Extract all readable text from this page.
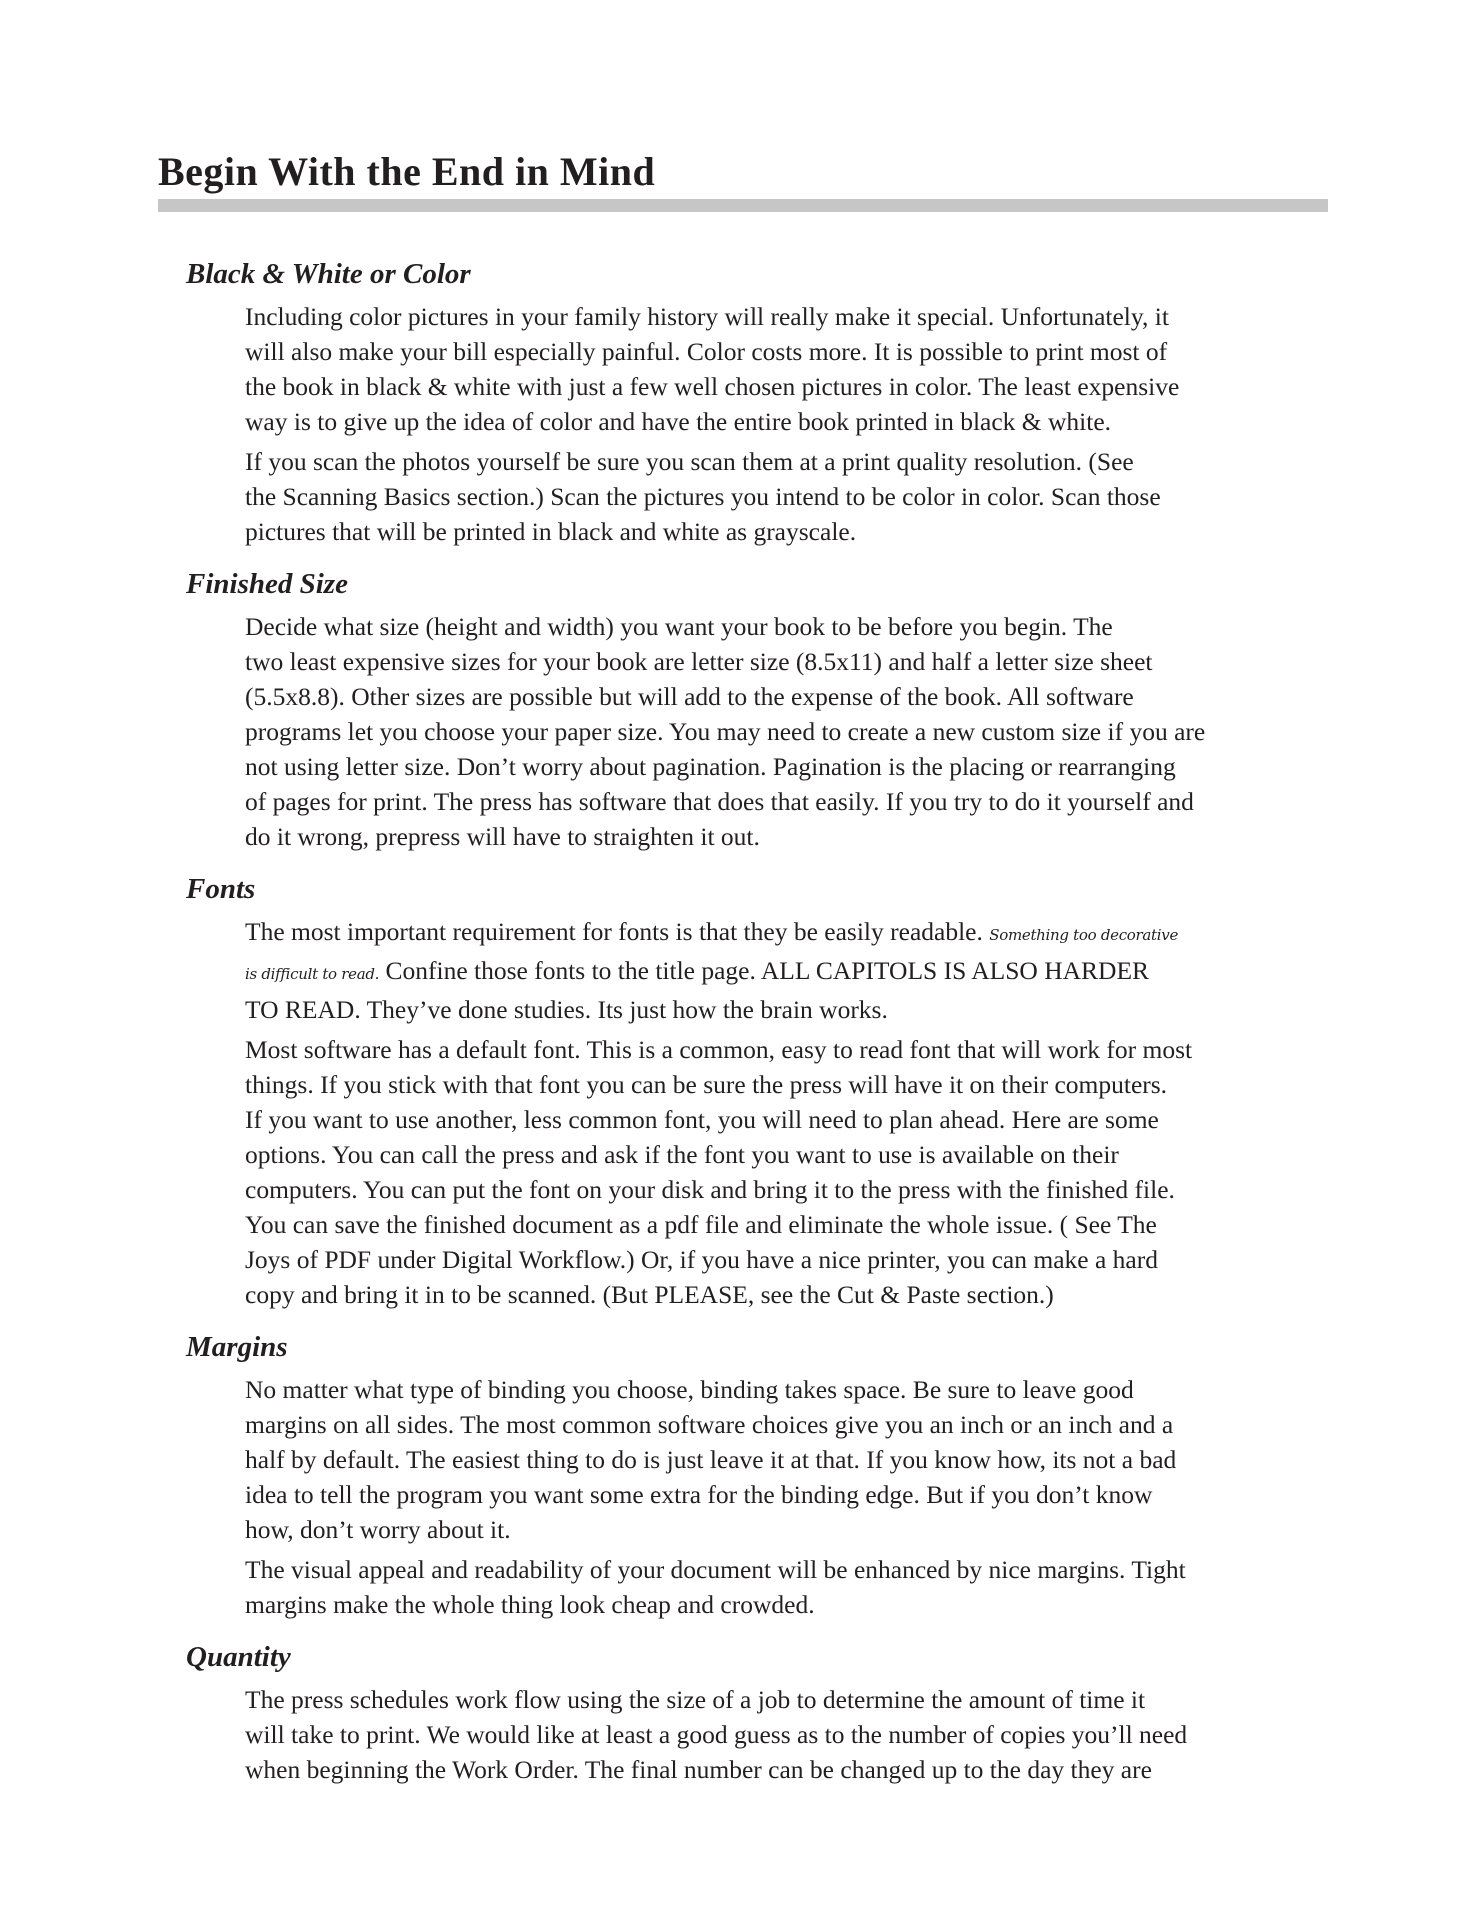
Begin With the End in Mind
Black & White or Color
Including color pictures in your family history will really make it special. Unfortunately, it
will also make your bill especially painful. Color costs more. It is possible to print most of
the book in black & white with just a few well chosen pictures in color. The least expensive
way is to give up the idea of color and have the entire book printed in black & white.
If you scan the photos yourself be sure you scan them at a print quality resolution. (See
the Scanning Basics section.) Scan the pictures you intend to be color in color. Scan those
pictures that will be printed in black and white as grayscale.
Finished Size
Decide what size (height and width) you want your book to be before you begin. The
two least expensive sizes for your book are letter size (8.5x11) and half a letter size sheet
(5.5x8.8). Other sizes are possible but will add to the expense of the book. All software
programs let you choose your paper size. You may need to create a new custom size if you are
not using letter size. Don’t worry about pagination. Pagination is the placing or rearranging
of pages for print. The press has software that does that easily. If you try to do it yourself and
do it wrong, prepress will have to straighten it out.
Fonts
The most important requirement for fonts is that they be easily readable. Something too decorative
is difficult to read. Confine those fonts to the title page. ALL CAPITOLS IS ALSO HARDER
TO READ. They’ve done studies. Its just how the brain works.
Most software has a default font. This is a common, easy to read font that will work for most
things. If you stick with that font you can be sure the press will have it on their computers.
If you want to use another, less common font, you will need to plan ahead. Here are some
options. You can call the press and ask if the font you want to use is available on their
computers. You can put the font on your disk and bring it to the press with the finished file.
You can save the finished document as a pdf file and eliminate the whole issue. ( See The
Joys of PDF under Digital Workflow.) Or, if you have a nice printer, you can make a hard
copy and bring it in to be scanned. (But PLEASE, see the Cut & Paste section.)
Margins
No matter what type of binding you choose, binding takes space. Be sure to leave good
margins on all sides. The most common software choices give you an inch or an inch and a
half by default. The easiest thing to do is just leave it at that. If you know how, its not a bad
idea to tell the program you want some extra for the binding edge. But if you don’t know
how, don’t worry about it.
The visual appeal and readability of your document will be enhanced by nice margins. Tight
margins make the whole thing look cheap and crowded.
Quantity
The press schedules work flow using the size of a job to determine the amount of time it
will take to print. We would like at least a good guess as to the number of copies you’ll need
when beginning the Work Order. The final number can be changed up to the day they are
